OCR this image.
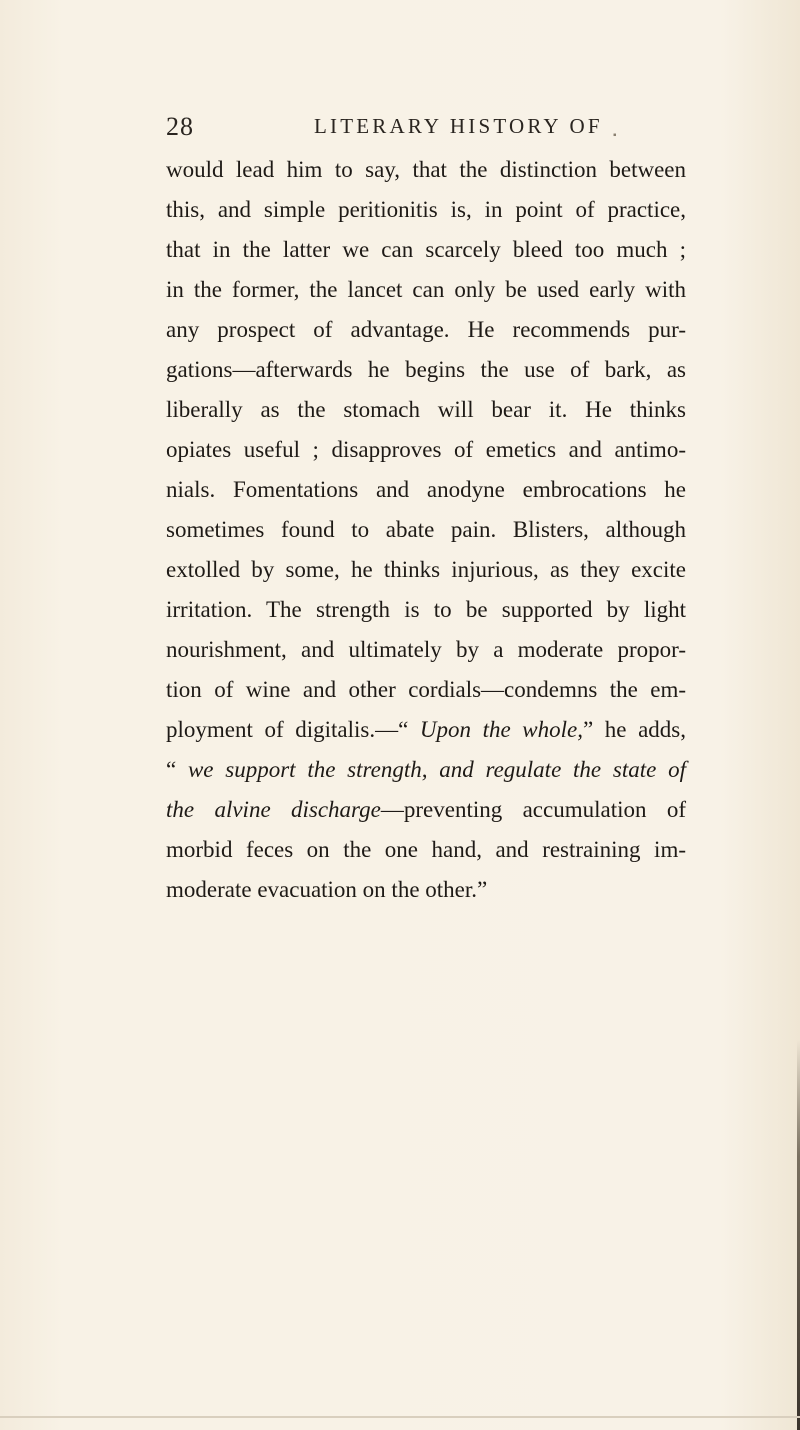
28	LITERARY HISTORY OF ▪
would lead him to say, that the distinction between
this, and simple peritionitis is, in point of practice,
that in the latter we can scarcely bleed too much ;
in the former, the lancet can only be used early with
any prospect of advantage. He recommends pur-
gations—afterwards he begins the use of bark, as
liberally as the stomach will bear it. He thinks
opiates useful ; disapproves of emetics and antimo-
nials. Fomentations and anodyne embrocations he
sometimes found to abate pain. Blisters, although
extolled by some, he thinks injurious, as they excite
irritation. The strength is to be supported by light
nourishment, and ultimately by a moderate propor-
tion of wine and other cordials—condemns the em-
ployment of digitalis.—“ Upon the whole,” he adds,
“ we support the strength, and regulate the state of
the alvine discharge—preventing accumulation of
morbid feces on the one hand, and restraining im-
moderate evacuation on the other.”
